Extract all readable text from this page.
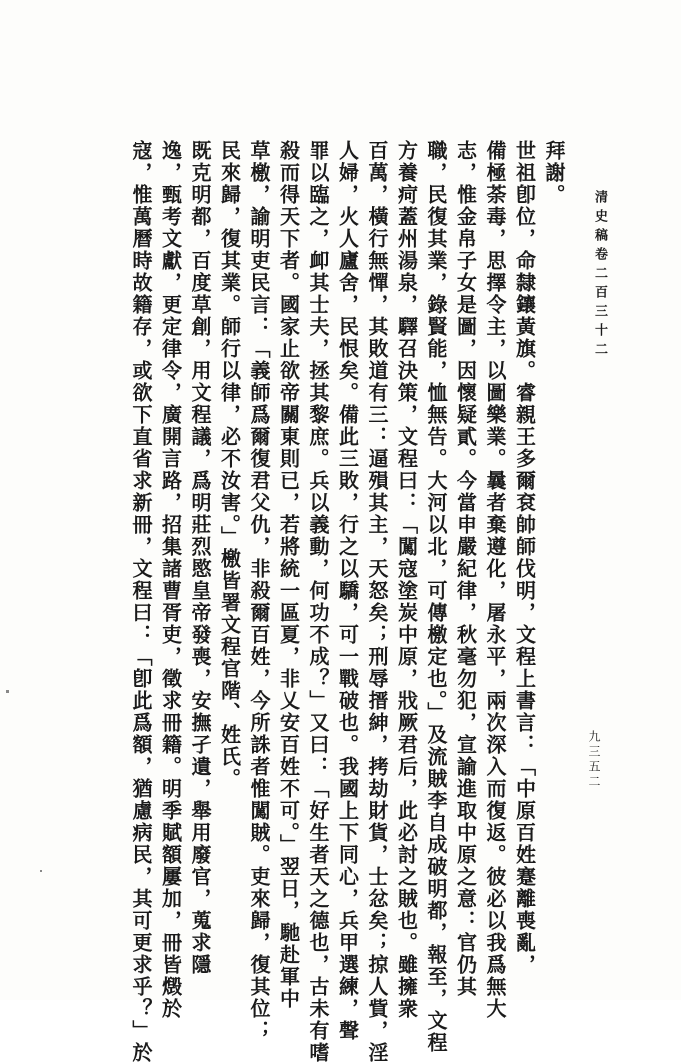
清史稿卷二百三十二
九三五二

拜謝。

世祖卽位，命隸鑲黃旗。睿親王多爾袞帥師伐明，文程上書言：「中原百姓蹇離喪亂，

備極荼毒，思擇令主，以圖樂業。曩者棄遵化，屠永平，兩次深入而復返。彼必以我爲無大

志，惟金帛子女是圖，因懷疑貳。今當申嚴紀律，秋毫勿犯，宣諭進取中原之意：官仍其

職，民復其業，錄賢能，恤無告。大河以北，可傳檄定也。」及流賊李自成破明都，報至，文程

方養疴蓋州湯泉，驛召決策，文程曰：「闖寇塗炭中原，戕厥君后，此必討之賊也。雖擁衆

百萬，橫行無憚，其敗道有三：逼殞其主，天怒矣；刑辱搢紳，拷劫財貨，士忿矣；掠人貲，淫

人婦，火人廬舍，民恨矣。備此三敗，行之以驕，可一戰破也。我國上下同心，兵甲選練，聲

罪以臨之，卹其士夫，拯其黎庶。兵以義動，何功不成？」又曰：「好生者天之德也，古未有嗜

殺而得天下者。國家止欲帝關東則已，若將統一區夏，非乂安百姓不可。」翌日，馳赴軍中

草檄，諭明吏民言：「義師爲爾復君父仇，非殺爾百姓，今所誅者惟闖賊。吏來歸，復其位；

民來歸，復其業。師行以律，必不汝害。」檄皆署文程官階、姓氏。

既克明都，百度草創，用文程議，爲明莊烈愍皇帝發喪，安撫孑遺，舉用廢官，蒐求隱

逸，甄考文獻，更定律令，廣開言路，招集諸曹胥吏，徵求冊籍。明季賦額屢加，冊皆燬於

寇，惟萬曆時故籍存，或欲下直省求新冊，文程曰：「卽此爲額，猶慮病民，其可更求乎？」於
